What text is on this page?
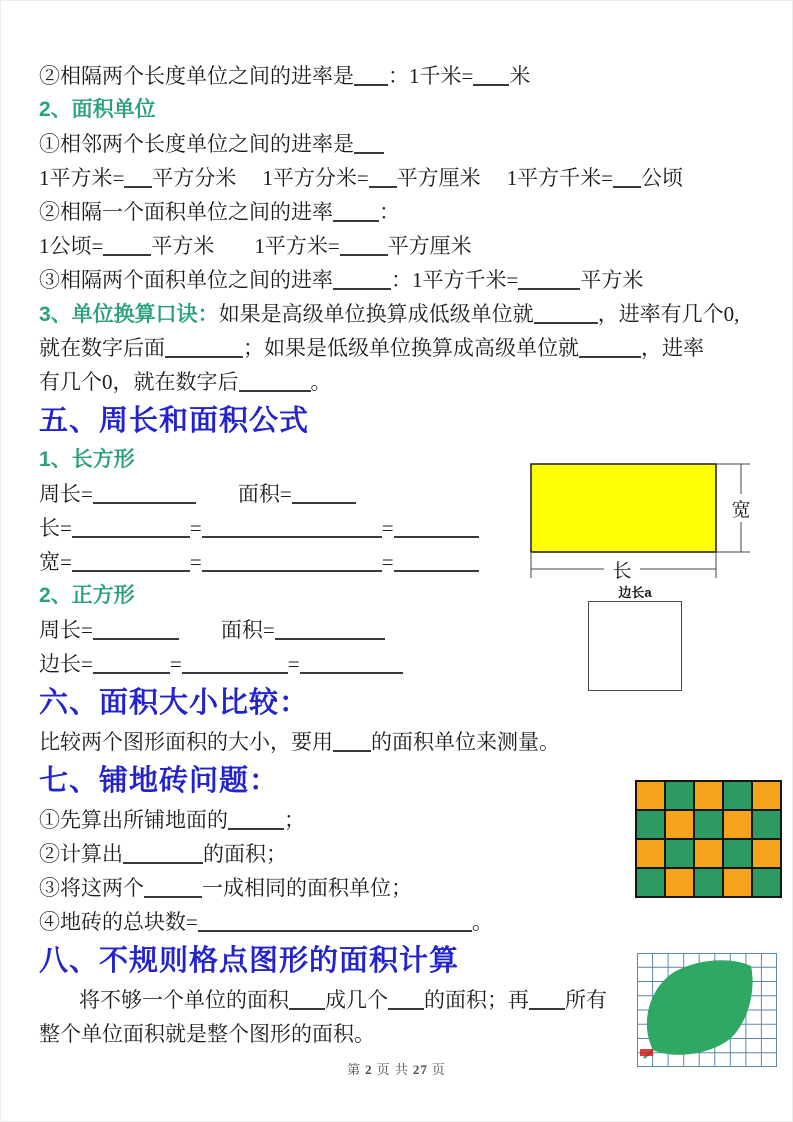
②相隔两个长度单位之间的进率是 ：1千米= 米
2、面积单位
①相邻两个长度单位之间的进率是
1平方米= 平方分米 1平方分米= 平方厘米 1平方千米= 公顷
②相隔一个面积单位之间的进率 ：
1公顷= 平方米 1平方米= 平方厘米
③相隔两个面积单位之间的进率	：1平方千米=	平方米
3、单位换算口诀：如果是高级单位换算成低级单位就	，进率有几个0,
就在数字后面	；如果是低级单位换算成高级单位就	，进率
有几个0，就在数字后	。
五、周长和面积公式
1、长方形
周长=	面积=
长=	=	=
宽=	=	=
2、正方形
周长=	面积=
边长=	=	=
六、面积大小比较：
比较两个图形面积的大小，要用 的面积单位来测量。
七、铺地砖问题：
①先算出所铺地面的	；
②计算出	的面积；
③将这两个	一成相同的面积单位；
④地砖的总块数=	。
八、不规则格点图形的面积计算
将不够一个单位的面积 成几个 的面积；再 所有
整个单位面积就是整个图形的面积。
宽
长
边长a
第 2 页 共 27 页
